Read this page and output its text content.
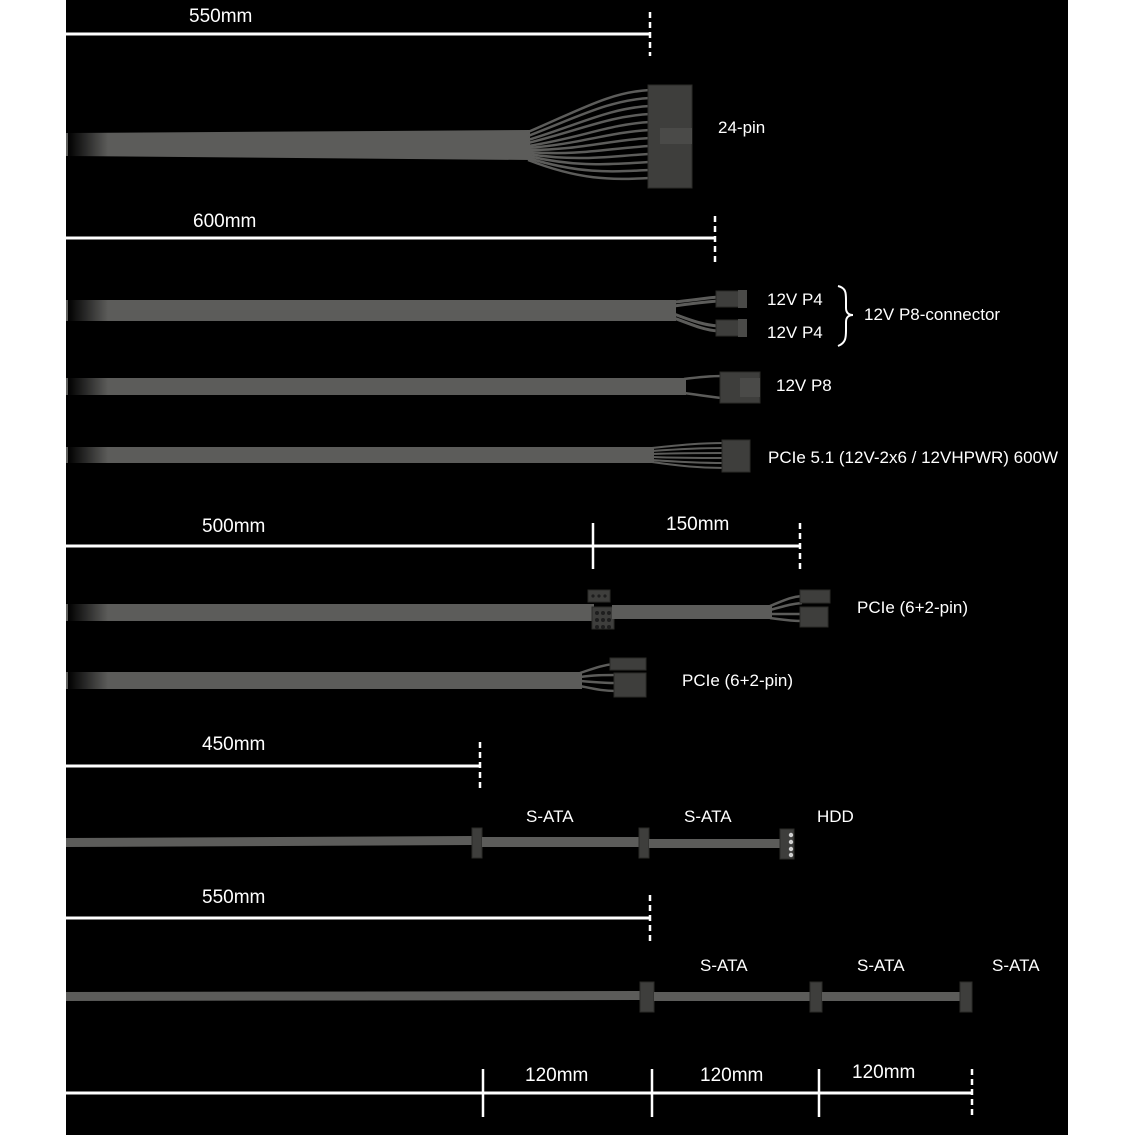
550mm
600mm
500mm	150mm
450mm
550mm
120mm	120mm	120mm
24-pin
12V P4
12V P4
12V P8-connector
12V P8
PCIe 5.1 (12V-2x6 / 12VHPWR) 600W
PCIe (6+2-pin)
PCIe (6+2-pin)
S-ATA	S-ATA	HDD
S-ATA	S-ATA	S-ATA
